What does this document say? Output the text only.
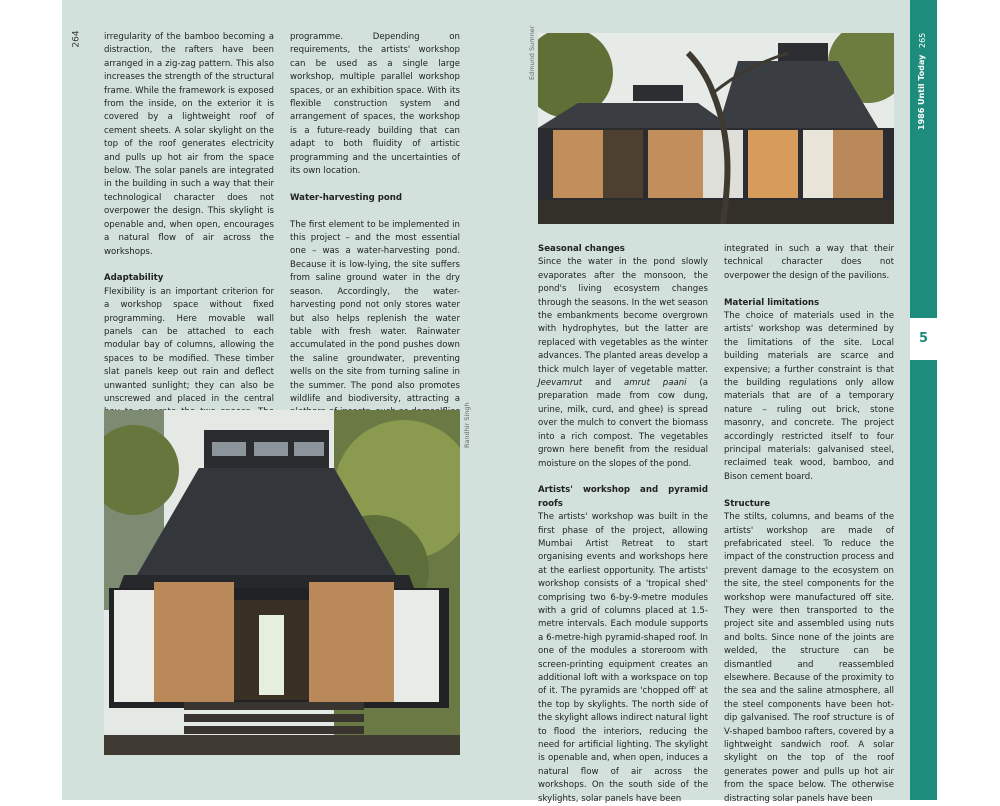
264	irregularity of the bamboo becoming a distraction, the rafters have been arranged in a zig-zag pattern. This also increases the strength of the structural frame. While the framework is exposed from the inside, on the exterior it is covered by a lightweight roof of cement sheets. A solar skylight on the top of the roof generates electricity and pulls up hot air from the space below. The solar panels are integrated in the building in such a way that their technological character does not overpower the design. This skylight is openable and, when open, encourages a natural flow of air across the workshops.

Adaptability

Flexibility is an important criterion for a workshop space without fixed programming. Here movable wall panels can be attached to each modular bay of columns, allowing the spaces to be modified. These timber slat panels keep out rain and deflect unwanted sunlight; they can also be unscrewed and placed in the central

programme. Depending on requirements, the artists' workshop can be used as a single large workshop, multiple parallel workshop spaces, or an exhibition space. With its flexible construction system and arrangement of spaces, the workshop is a future-ready building that can adapt to both fluidity of artistic programming and the uncertainties of its own location.

Water-harvesting pond

The first element to be implemented in this project – and the most essential one – was a water-harvesting pond. Because it is low-lying, the site suffers from saline ground water in the dry season. Accordingly, the water-harvesting pond not only stores water but also helps replenish the water table with fresh water. Rainwater accumulated in the pond pushes down the saline groundwater, preventing wells on the site from turning saline in the summer. The pond also promotes wildlife and biodiversity, attracting a

Randhir Singh
Edmund Sumner
Seasonal changes

Since the water in the pond slowly evaporates after the monsoon, the pond's living ecosystem changes through the seasons. In the wet season the embankments become overgrown with hydrophytes, but the latter are replaced with vegetables as the winter advances. The planted areas develop a thick mulch layer of vegetable matter. Jeevamrut and amrut paani (a preparation made from cow dung, urine, milk, curd, and ghee) is spread over the mulch to convert the biomass into a rich compost. The vegetables grown here benefit from the residual moisture on the slopes of the pond.

Artists' workshop and pyramid roofs

The artists' workshop was built in the first phase of the project, allowing Mumbai Artist Retreat to start organising events and workshops here at the earliest opportunity. The artists' workshop consists of a 'tropical shed' comprising two 6-by-9-metre modules with a grid of columns placed at 1.5-metre intervals. Each module supports a 6-metre-high pyramid-shaped roof. In one of the modules a storeroom with screen-printing equipment creates an additional loft with a workspace on top of it. The pyramids are 'chopped off' at the top by skylights. The north side of the skylight allows indirect natural light to flood the interiors, reducing the need for artificial lighting. The skylight is openable and, when open, induces a natural flow of air across the workshops. On the south side of the skylights, solar panels have been

integrated in such a way that their technical character does not overpower the design of the pavilions.

Material limitations

The choice of materials used in the artists' workshop was determined by the limitations of the site. Local building materials are scarce and expensive; a further constraint is that the building regulations only allow materials that are of a temporary nature – ruling out brick, stone masonry, and concrete. The project accordingly restricted itself to four principal materials: galvanised steel, reclaimed teak wood, bamboo, and Bison cement board.

Structure

The stilts, columns, and beams of the artists' workshop are made of prefabricated steel. To reduce the impact of the construction process and prevent damage to the ecosystem on the site, the steel components for the workshop were manufactured off site. They were then transported to the project site and assembled using nuts and bolts. Since none of the joints are welded, the structure can be dismantled and reassembled elsewhere. Because of the proximity to the sea and the saline atmosphere, all the steel components have been hot-dip galvanised. The roof structure is of V-shaped bamboo rafters, covered by a lightweight sandwich roof. A solar skylight on the top of the roof generates power and pulls up hot air from the space below. The otherwise distracting solar panels have been

265
1986 Until Today
5
